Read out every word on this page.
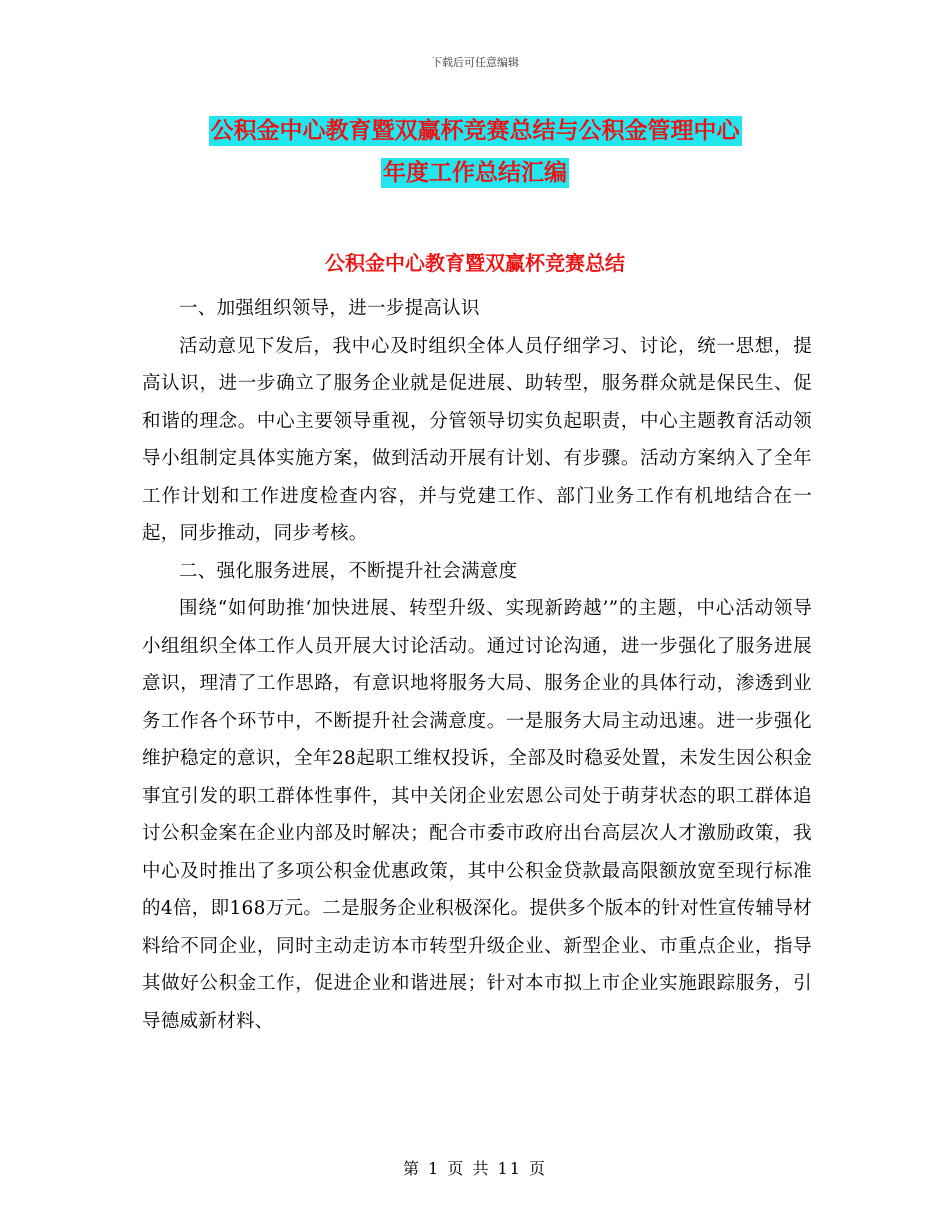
下载后可任意编辑
公积金中心教育暨双赢杯竞赛总结与公积金管理中心
年度工作总结汇编
公积金中心教育暨双赢杯竞赛总结

一、加强组织领导，进一步提高认识

活动意见下发后，我中心及时组织全体人员仔细学习、讨论，统一思想，提高认识，进一步确立了服务企业就是促进展、助转型，服务群众就是保民生、促和谐的理念。中心主要领导重视，分管领导切实负起职责，中心主题教育活动领导小组制定具体实施方案，做到活动开展有计划、有步骤。活动方案纳入了全年工作计划和工作进度检查内容，并与党建工作、部门业务工作有机地结合在一起，同步推动，同步考核。

二、强化服务进展，不断提升社会满意度

围绕“如何助推‘加快进展、转型升级、实现新跨越’”的主题，中心活动领导小组组织全体工作人员开展大讨论活动。通过讨论沟通，进一步强化了服务进展意识，理清了工作思路，有意识地将服务大局、服务企业的具体行动，渗透到业务工作各个环节中，不断提升社会满意度。一是服务大局主动迅速。进一步强化维护稳定的意识，全年28起职工维权投诉，全部及时稳妥处置，未发生因公积金事宜引发的职工群体性事件，其中关闭企业宏恩公司处于萌芽状态的职工群体追讨公积金案在企业内部及时解决；配合市委市政府出台高层次人才激励政策，我中心及时推出了多项公积金优惠政策，其中公积金贷款最高限额放宽至现行标准的4倍，即168万元。二是服务企业积极深化。提供多个版本的针对性宣传辅导材料给不同企业，同时主动走访本市转型升级企业、新型企业、市重点企业，指导其做好公积金工作，促进企业和谐进展；针对本市拟上市企业实施跟踪服务，引导德威新材料、

第 1 页 共 11 页
